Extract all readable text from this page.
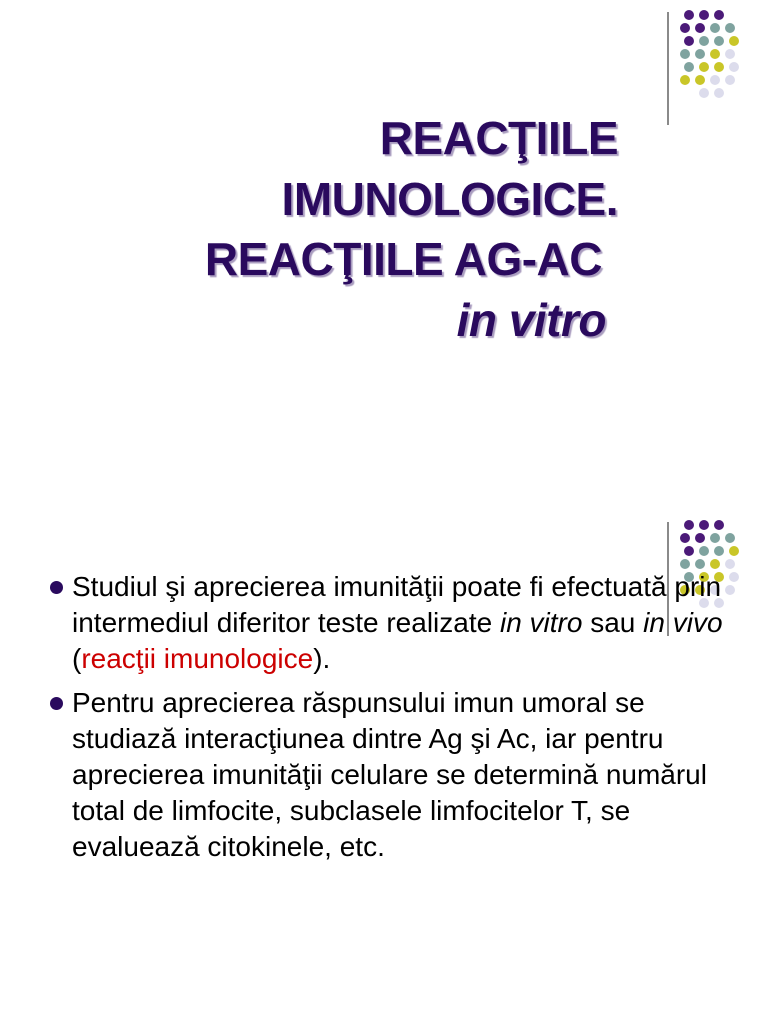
REACŢIILE
IMUNOLOGICE.
REACŢIILE AG-AC
in vitro
Studiul şi aprecierea imunităţii poate fi efectuată prin intermediul diferitor teste realizate in vitro sau in vivo (reacţii imunologice).
Pentru aprecierea răspunsului imun umoral se studiază interacţiunea dintre Ag şi Ac, iar pentru aprecierea imunităţii celulare se determină numărul total de limfocite, subclasele limfocitelor T, se evaluează citokinele, etc.
